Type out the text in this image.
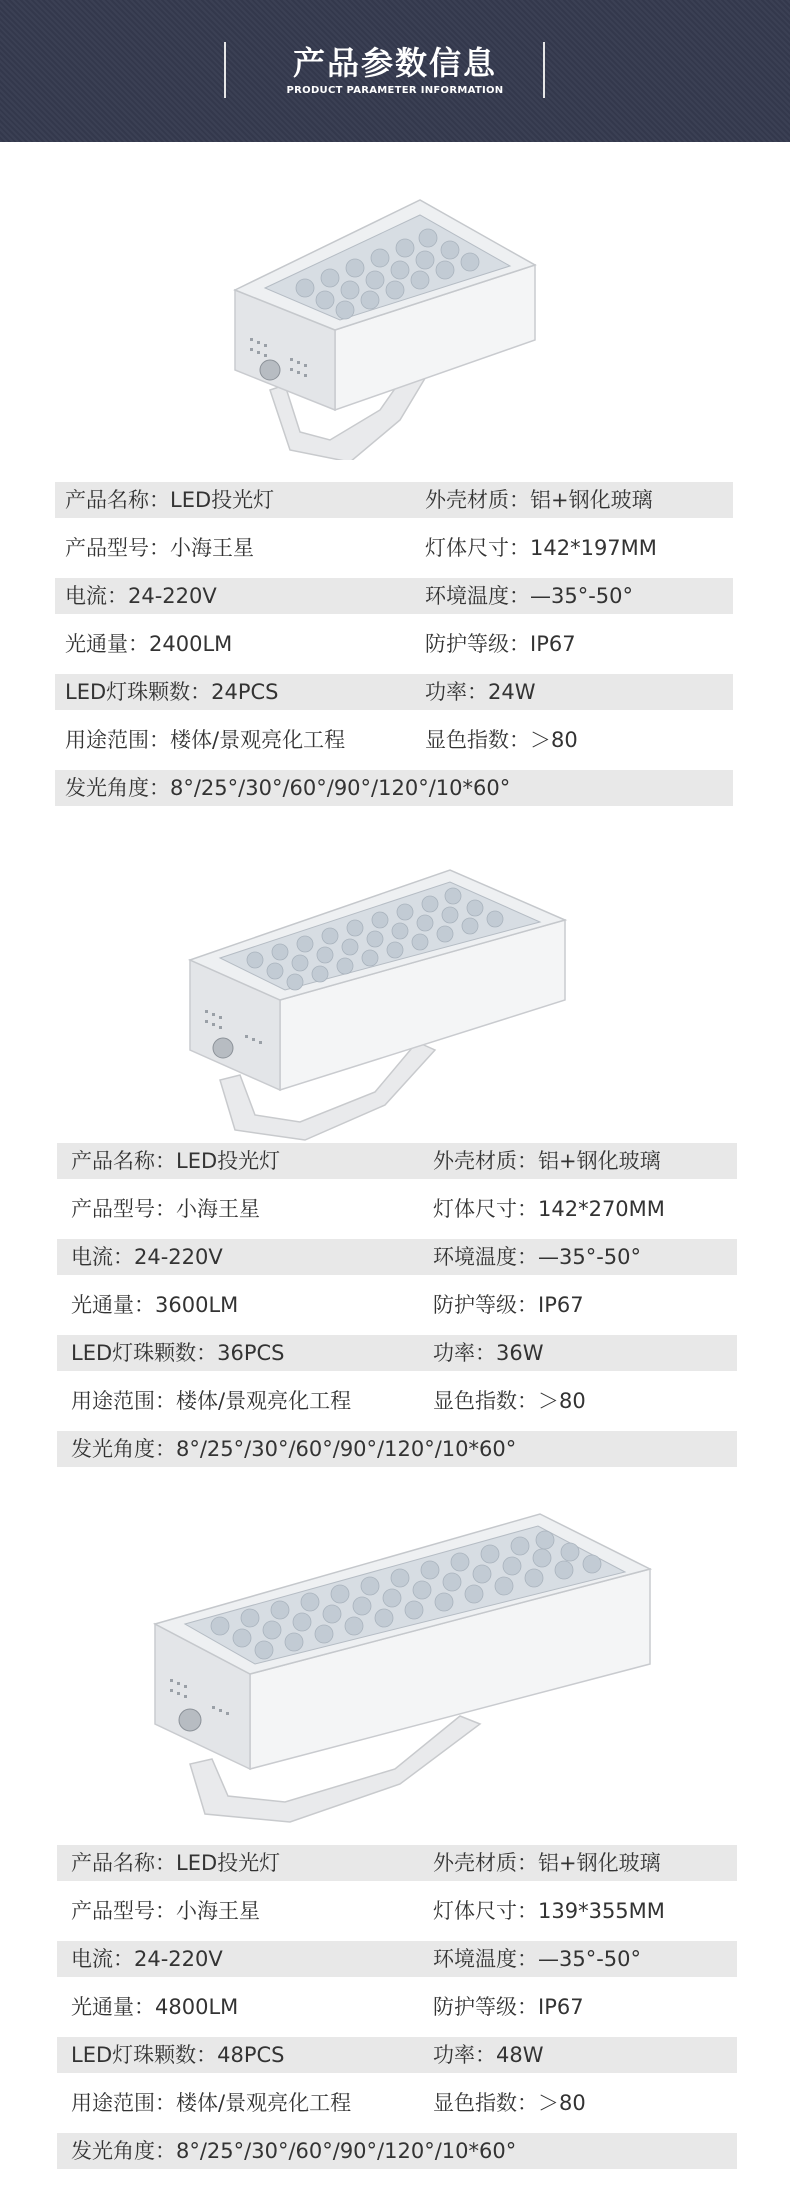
产品参数信息
PRODUCT PARAMETER INFORMATION
产品名称：LED投光灯	外壳材质：铝+钢化玻璃
产品型号：小海王星	灯体尺寸：142*197MM
电流：24-220V	环境温度：—35°-50°
光通量：2400LM	防护等级：IP67
LED灯珠颗数：24PCS	功率：24W
用途范围：楼体/景观亮化工程	显色指数：＞80
发光角度：8°/25°/30°/60°/90°/120°/10*60°
产品名称：LED投光灯	外壳材质：铝+钢化玻璃
产品型号：小海王星	灯体尺寸：142*270MM
电流：24-220V	环境温度：—35°-50°
光通量：3600LM	防护等级：IP67
LED灯珠颗数：36PCS	功率：36W
用途范围：楼体/景观亮化工程	显色指数：＞80
发光角度：8°/25°/30°/60°/90°/120°/10*60°
产品名称：LED投光灯	外壳材质：铝+钢化玻璃
产品型号：小海王星	灯体尺寸：139*355MM
电流：24-220V	环境温度：—35°-50°
光通量：4800LM	防护等级：IP67
LED灯珠颗数：48PCS	功率：48W
用途范围：楼体/景观亮化工程	显色指数：＞80
发光角度：8°/25°/30°/60°/90°/120°/10*60°
